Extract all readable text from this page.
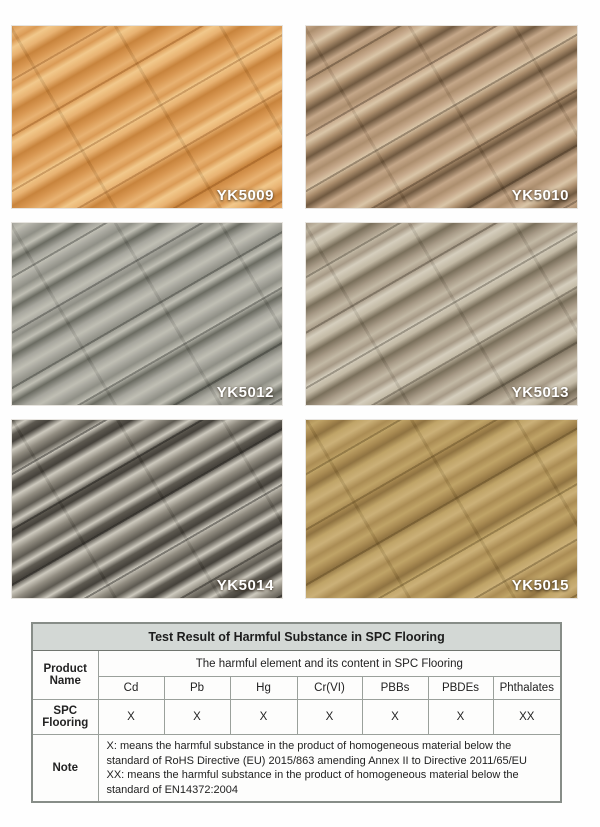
YK5009	YK5010
YK5012	YK5013
YK5014	YK5015
Test Result of Harmful Substance in SPC Flooring							
Product Name	The harmful element and its content in SPC Flooring						
	Cd	Pb	Hg	Cr(VI)	PBBs	PBDEs	Phthalates
SPC Flooring	X	X	X	X	X	X	XX
Note	X: means the harmful substance in the product of homogeneous material below the standard of RoHS Directive (EU) 2015/863 amending Annex II to Directive 2011/65/EU
XX: means the harmful substance in the product of homogeneous material below the standard of EN14372:2004						
